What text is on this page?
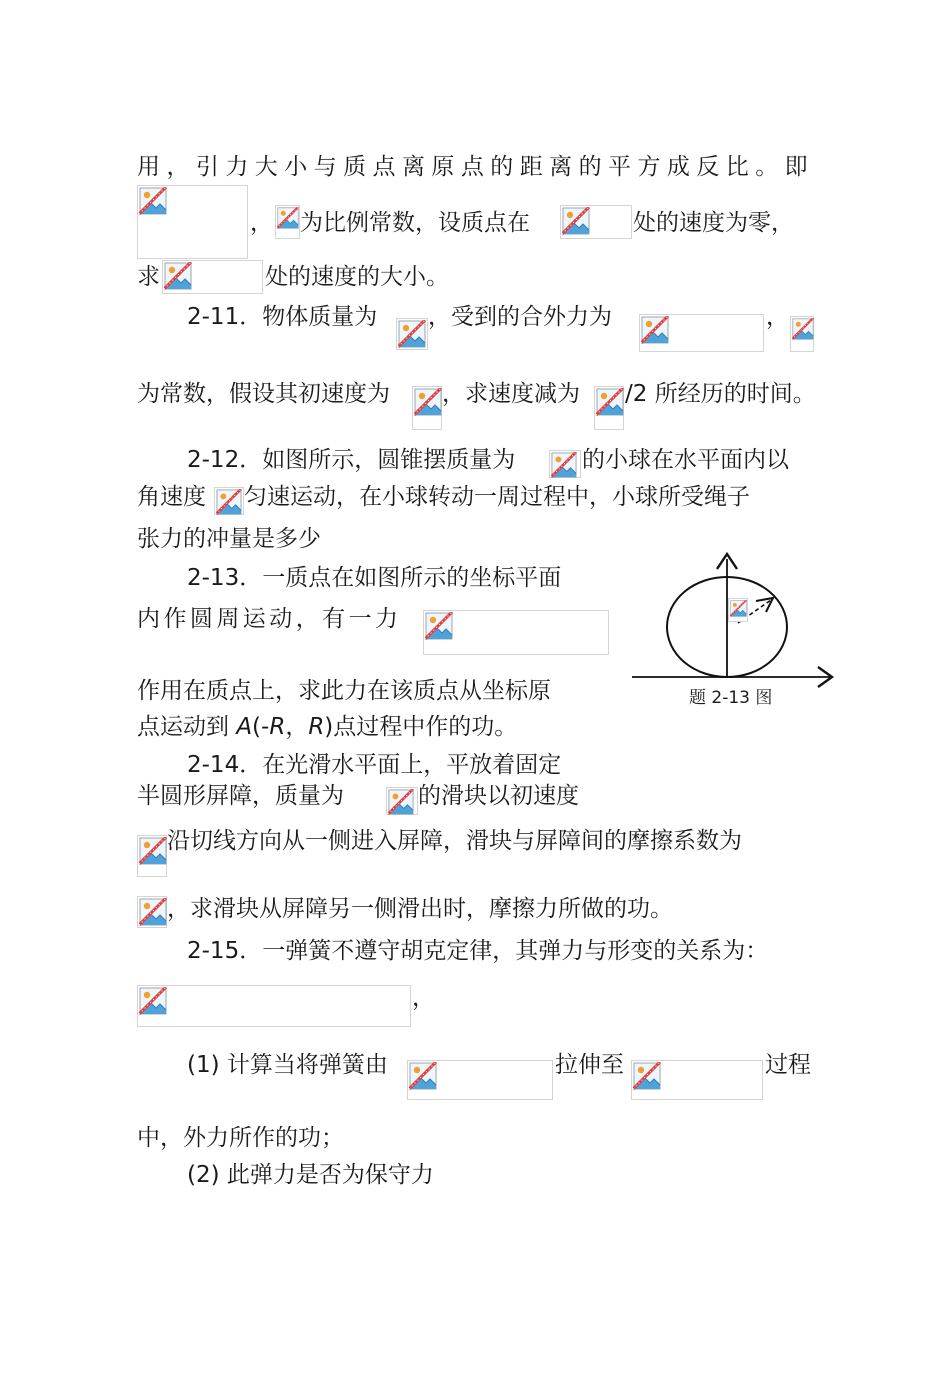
用，引力大小与质点离原点的距离的平方成反比。即
， 为比例常数，设质点在	处的速度为零，
求	处的速度的大小。
2-11．物体质量为 ，受到的合外力为	，
为常数，假设其初速度为 ，求速度减为 /2 所经历的时间。
2-12．如图所示，圆锥摆质量为	的小球在水平面内以
角速度 匀速运动，在小球转动一周过程中，小球所受绳子
张力的冲量是多少
2-13．一质点在如图所示的坐标平面
内作圆周运动，有一力
作用在质点上，求此力在该质点从坐标原
点运动到 A(-R，R)点过程中作的功。
题 2-13 图
2-14．在光滑水平面上，平放着固定
半圆形屏障，质量为	的滑块以初速度
沿切线方向从一侧进入屏障，滑块与屏障间的摩擦系数为
，求滑块从屏障另一侧滑出时，摩擦力所做的功。
2-15．一弹簧不遵守胡克定律，其弹力与形变的关系为：
，
(1) 计算当将弹簧由	拉伸至	过程
中，外力所作的功；
(2) 此弹力是否为保守力
